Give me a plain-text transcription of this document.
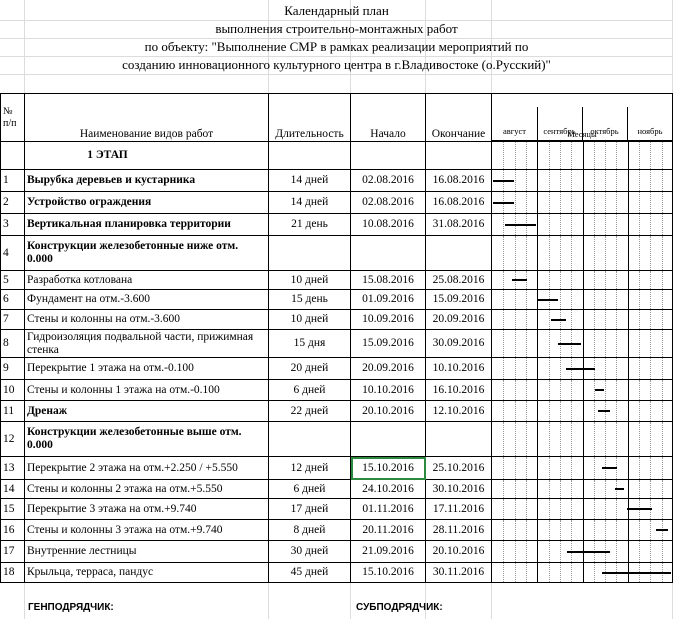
Календарный план
выполнения строительно-монтажных работ
по объекту: "Выполнение СМР в рамках реализации мероприятий по
созданию инновационного культурного центра в г.Владивостоке (о.Русский)"
№ п/п	Наименование видов работ	Длительность	Начало	Окончание	Месяцы
август сентябрь октябрь ноябрь

	1 ЭТАП				

1	Вырубка деревьев и кустарника	14 дней	02.08.2016	16.08.2016	

2	Устройство ограждения	14 дней	02.08.2016	16.08.2016	

3	Вертикальная планировка территории	21 день	10.08.2016	31.08.2016	

4	Конструкции железобетонные ниже отм. 0.000				

5	Разработка котлована	10 дней	15.08.2016	25.08.2016	

6	Фундамент на отм.-3.600	15 день	01.09.2016	15.09.2016	

7	Стены и колонны на отм.-3.600	10 дней	10.09.2016	20.09.2016	

8	Гидроизоляция подвальной части, прижимная стенка	15 дня	15.09.2016	30.09.2016	

9	Перекрытие 1 этажа на отм.-0.100	20 дней	20.09.2016	10.10.2016	

10	Стены и колонны 1 этажа на отм.-0.100	6 дней	10.10.2016	16.10.2016	

11	Дренаж	22 дней	20.10.2016	12.10.2016	

12	Конструкции железобетонные выше отм. 0.000				

13	Перекрытие 2 этажа на отм.+2.250 / +5.550	12 дней	15.10.2016	25.10.2016	

14	Стены и колонны 2 этажа на отм.+5.550	6 дней	24.10.2016	30.10.2016	

15	Перекрытие 3 этажа на отм.+9.740	17 дней	01.11.2016	17.11.2016	

16	Стены и колонны 3 этажа на отм.+9.740	8 дней	20.11.2016	28.11.2016	

17	Внутренние лестницы	30 дней	21.09.2016	20.10.2016	

18	Крыльца, терраса, пандус	45 дней	15.10.2016	30.11.2016	
ГЕНПОДРЯДЧИК:	СУБПОДРЯДЧИК:
